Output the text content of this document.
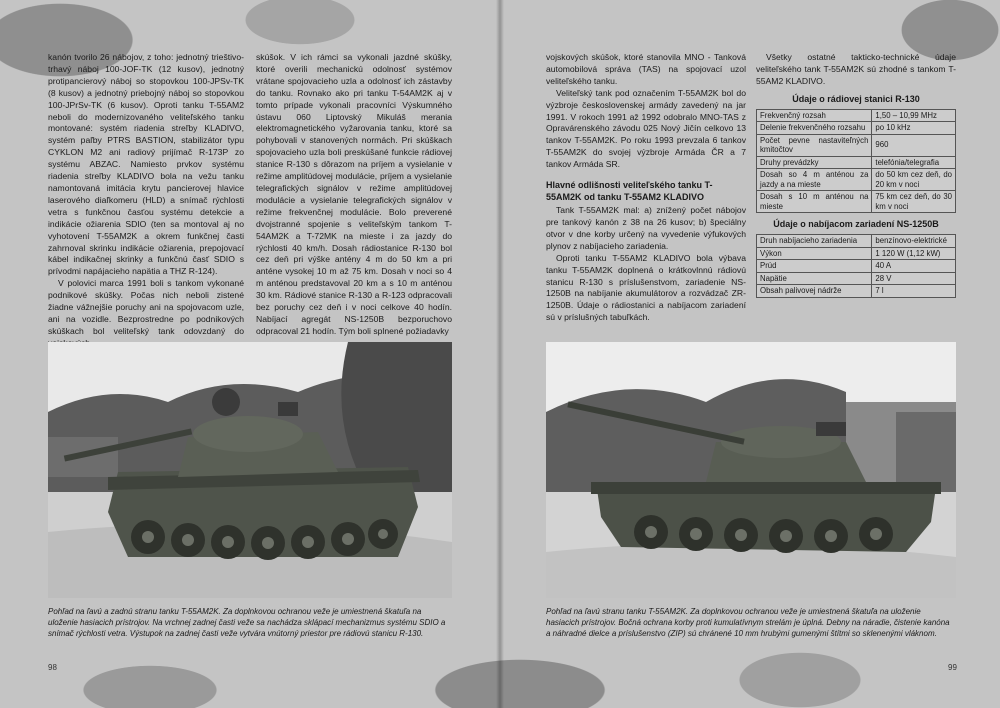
kanón tvorilo 26 nábojov, z toho: jednotný trieštivo-trhavý náboj 100-JOF-TK (12 kusov), jednotný protipancierový náboj so stopovkou 100-JPSv-TK (8 kusov) a jednotný priebojný náboj so stopovkou 100-JPrSv-TK (6 kusov). Oproti tanku T-55AM2 neboli do modernizovaného veliteľského tanku montované: systém riadenia streľby KLADIVO, systém paľby PTRS BASTION, stabilizátor typu CYKLON M2 ani radiový prijímač R-173P zo systému ABZAC. Namiesto prvkov systému riadenia streľby KLADIVO bola na vežu tanku namontovaná imitácia krytu pancierovej hlavice laserového diaľkomeru (HLD) a snímač rýchlosti vetra s funkčnou časťou systému detekcie a indikácie ožiarenia SDIO (ten sa montoval aj no vyhotovení T-55AM2K a okrem funkčnej časti zahrnoval skrinku indikácie ožiarenia, prepojovací kábel indikačnej skrinky a funkčnú časť SDIO s prívodmi napájacieho napätia a THZ R-124).

V polovici marca 1991 boli s tankom vykonané podnikové skúšky. Počas nich neboli zistené žiadne vážnejšie poruchy ani na spojovacom uzle, ani na vozidle. Bezprostredne po podnikových skúškach bol veliteľský tank odovzdaný do

skúšok. V ich rámci sa vykonali jazdné skúšky, ktoré overili mechanickú odolnosť systémov vrátane spojovacieho uzla a odolnosť ich zástavby do tanku. Rovnako ako pri tanku T-54AM2K aj v tomto prípade vykonali pracovníci Výskumného ústavu 060 Liptovský Mikuláš merania elektromagnetického vyžarovania tanku, ktoré sa pohybovali v stanovených normách. Pri skúškach spojovacieho uzla boli preskúšané funkcie rádiovej stanice R-130 s dôrazom na príjem a vysielanie v režime amplitúdovej modulácie, príjem a vysielanie telegrafických signálov v režime amplitúdovej modulácie a vysielanie telegrafických signálov v režime frekvenčnej modulácie. Bolo preverené dvojstranné spojenie s veliteľským tankom T-54AM2K a T-72MK na mieste i za jazdy do rýchlosti 40 km/h. Dosah rádiostanice R-130 bol cez deň pri výške antény 4 m do 50 km a pri anténe vysokej 10 m až 75 km. Dosah v noci so 4 m anténou predstavoval 20 km a s 10 m anténou 30 km. Rádiové stanice R-130 a R-123 odpracovali bez poruchy cez deň i v noci celkove 40 hodín. Nabíjací agregát NS-1250B bezporuchovo odpracoval 21 hodín. Tým boli splnené požiadavky

Pohľad na ľavú a zadnú stranu tanku T-55AM2K. Za doplnkovou ochranou veže je umiestnená škatuľa na uloženie hasiacich prístrojov. Na vrchnej zadnej časti veže sa nachádza sklápací mechanizmus systému SDIO a snímač rýchlosti vetra. Výstupok na zadnej časti veže vytvára vnútorný priestor pre rádiovú stanicu R-130.
98

vojskových skúšok, ktoré stanovila MNO - Tanková automobilová správa (TAS) na spojovací uzol veliteľského tanku.

Veliteľský tank pod označením T-55AM2K bol do výzbroje československej armády zavedený na jar 1991. V rokoch 1991 až 1992 odobralo MNO-TAS z Opravárenského závodu 025 Nový Jičín celkovo 13 tankov T-55AM2K. Po roku 1993 prevzala 6 tankov T-55AM2K do svojej výzbroje Armáda ČR a 7 tankov Armáda SR.

Hlavné odlišnosti veliteľského tanku T-55AM2K od tanku T-55AM2 KLADIVO

Tank T-55AM2K mal: a) znížený počet nábojov pre tankový kanón z 38 na 26 kusov; b) špeciálny otvor v dne korby určený na vyvedenie výfukových plynov z nabíjacieho zariadenia.

Oproti tanku T-55AM2 KLADIVO bola výbava tanku T-55AM2K doplnená o krátkovlnnú rádiovú stanicu R-130 s príslušenstvom, zariadenie NS-1250B na nabíjanie akumulátorov a rozvádzač ZR-1250B. Údaje o rádiostanici a nabíjacom zariadení sú v príslušných tabuľkách.

Všetky ostatné takticko-technické údaje veliteľského tank T-55AM2K sú zhodné s tankom T-55AM2 KLADIVO.

Údaje o rádiovej stanici R-130
Frekvenčný rozsah	1,50 – 10,99 MHz
Delenie frekvenčného rozsahu	po 10 kHz
Počet pevne nastaviteľných kmitočtov	960
Druhy prevádzky	telefónia/telegrafia
Dosah so 4 m anténou za jazdy a na mieste	do 50 km cez deň, do 20 km v noci
Dosah s 10 m anténou na mieste	75 km cez deň, do 30 km v noci
Údaje o nabíjacom zariadení NS-1250B
Druh nabíjacieho zariadenia	benzínovo-elektrické
Výkon	1 120 W (1,12 kW)
Prúd	40 A
Napätie	28 V
Obsah palivovej nádrže	7 l
Pohľad na ľavú stranu tanku T-55AM2K. Za doplnkovou ochranou veže je umiestnená škatuľa na uloženie hasiacich prístrojov. Bočná ochrana korby proti kumulatívnym strelám je úplná. Debny na náradie, čistenie kanóna a náhradné dielce a príslušenstvo (ZIP) sú chránené 10 mm hrubými gumenými štítmi so sklenenými vláknom.
99
